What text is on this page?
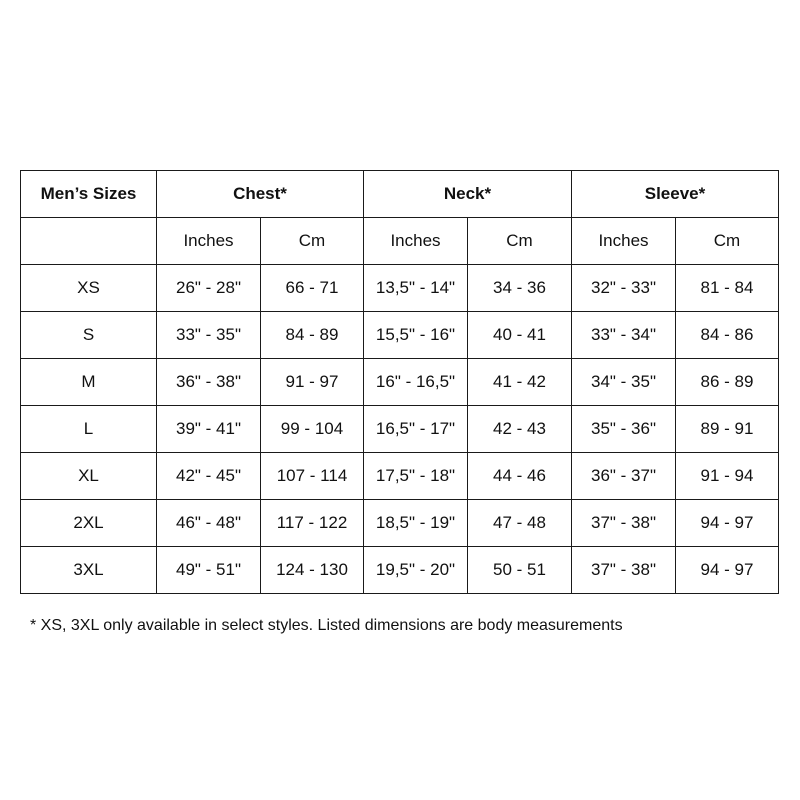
Men’s Sizes	Chest*		Neck*		Sleeve*	
	Inches	Cm	Inches	Cm	Inches	Cm
XS	26" - 28"	66 - 71	13,5" - 14"	34 - 36	32" - 33"	81 - 84
S	33" - 35"	84 - 89	15,5" - 16"	40 - 41	33" - 34"	84 - 86
M	36" - 38"	91 - 97	16" - 16,5"	41 - 42	34" - 35"	86 - 89
L	39" - 41"	99 - 104	16,5" - 17"	42 - 43	35" - 36"	89 - 91
XL	42" - 45"	107 - 114	17,5" - 18"	44 - 46	36" - 37"	91 - 94
2XL	46" - 48"	117 - 122	18,5" - 19"	47 - 48	37" - 38"	94 - 97
3XL	49" - 51"	124 - 130	19,5" - 20"	50 - 51	37" - 38"	94 - 97
* XS, 3XL only available in select styles. Listed dimensions are body measurements
